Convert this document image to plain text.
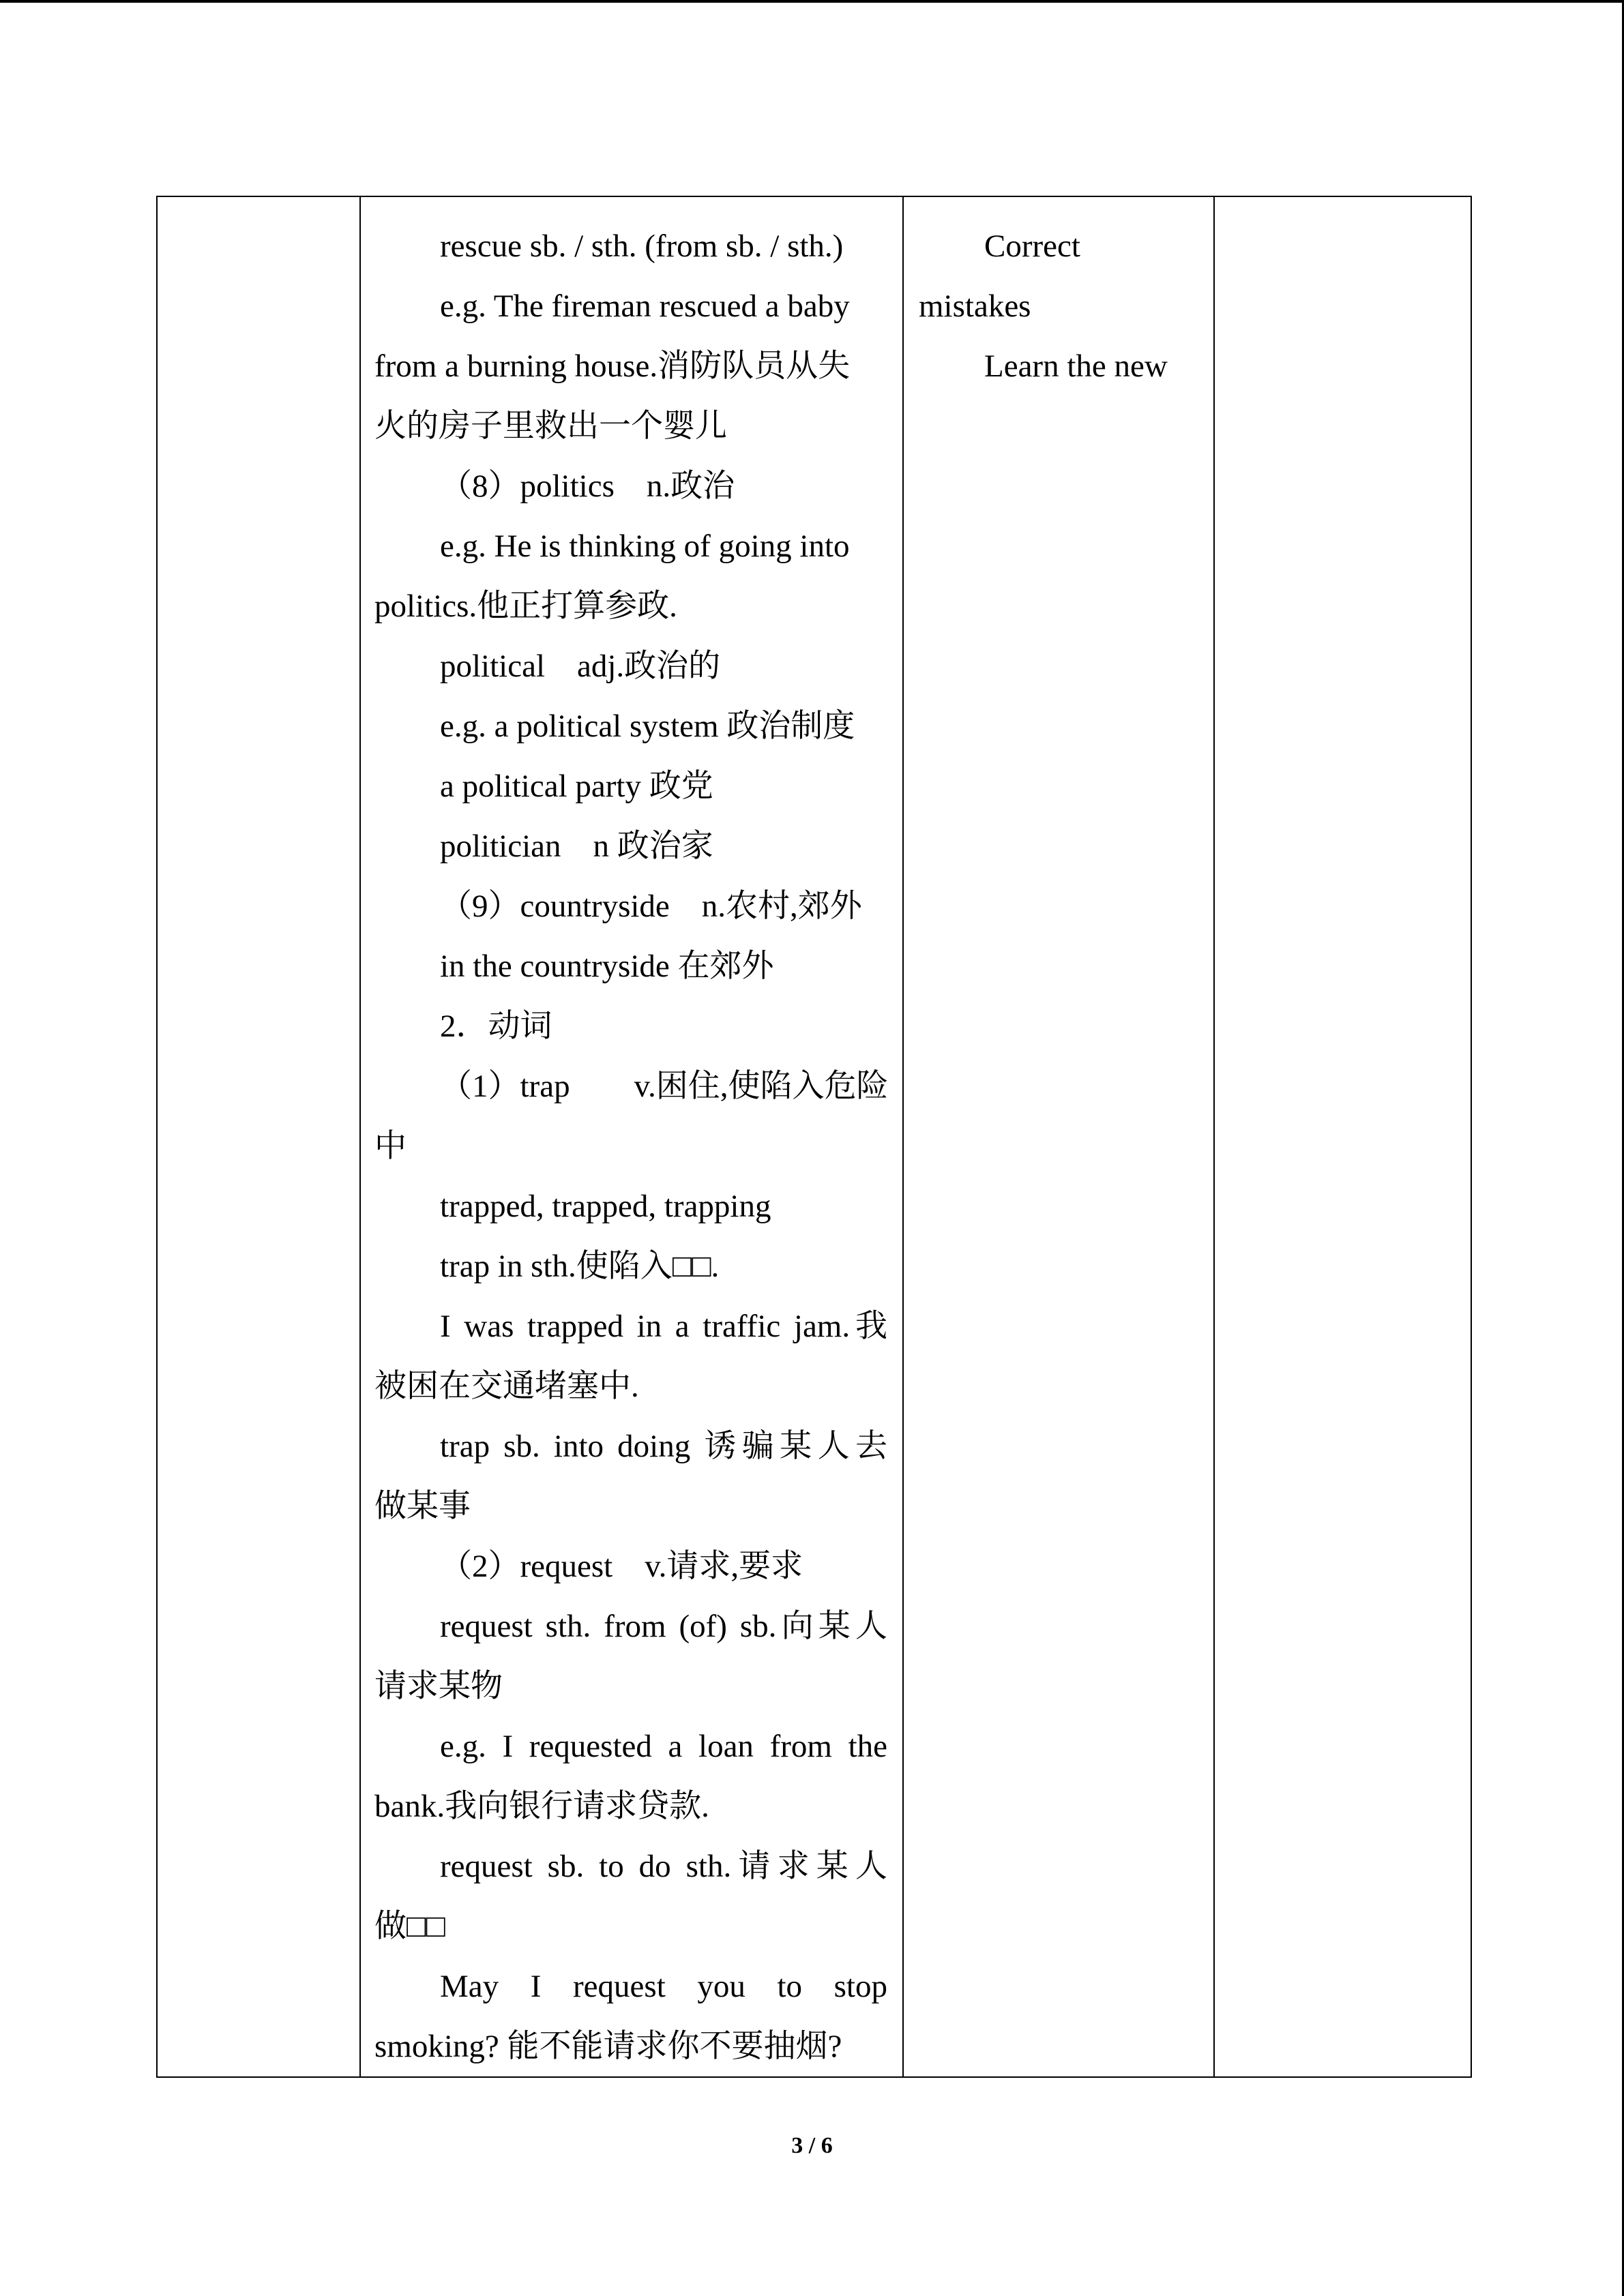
rescue sb. / sth. (from sb. / sth.)
e.g. The fireman rescued a baby
from a burning house.消防队员从失
火的房子里救出一个婴儿
（8）politics　n.政治
e.g. He is thinking of going into
politics.他正打算参政.
political　adj.政治的
e.g. a political system 政治制度
a political party 政党
politician　n 政治家
（9）countryside　n.农村,郊外
in the countryside 在郊外
2．动词
（1）trap　　v.困住,使陷入危险
中
trapped, trapped, trapping
trap in sth.使陷入□□.
I was trapped in a traffic jam.我
被困在交通堵塞中.
trap sb. into doing 诱骗某人去
做某事
（2）request　v.请求,要求
request sth. from (of) sb.向某人
请求某物
e.g. I requested a loan from the
bank.我向银行请求贷款.
request sb. to do sth.请求某人
做□□
May I request you to stop
smoking? 能不能请求你不要抽烟?

Correct
mistakes
Learn the new

3 / 6
